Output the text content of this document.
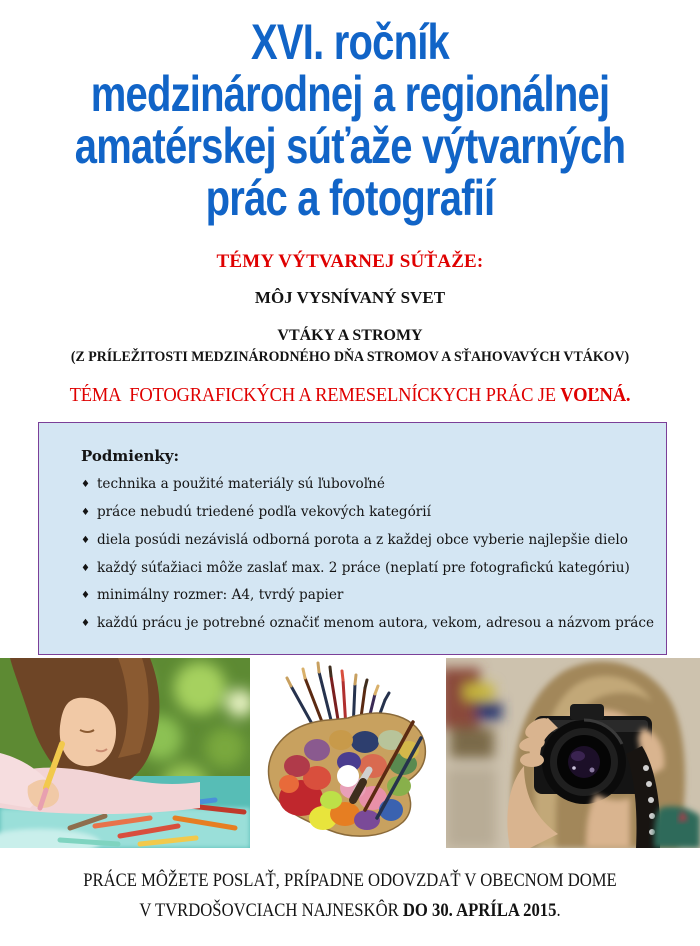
XVI. ročník
medzinárodnej a regionálnej
amatérskej súťaže výtvarných
prác a fotografií
TÉMY VÝTVARNEJ SÚŤAŽE:
MÔJ VYSNÍVANÝ SVET
VTÁKY A STROMY
(Z PRÍLEŽITOSTI MEDZINÁRODNÉHO DŇA STROMOV A SŤAHOVAVÝCH VTÁKOV)
TÉMA  FOTOGRAFICKÝCH A REMESELNÍCKYCH PRÁC JE VOĽNÁ.
Podmienky:
♦ technika a použité materiály sú ľubovoľné
♦ práce nebudú triedené podľa vekových kategórií
♦ diela posúdi nezávislá odborná porota a z každej obce vyberie najlepšie dielo
♦ každý súťažiaci môže zaslať max. 2 práce (neplatí pre fotografickú kategóriu)
♦ minimálny rozmer: A4, tvrdý papier
♦ každú prácu je potrebné označiť menom autora, vekom, adresou a názvom práce
PRÁCE MÔŽETE POSLAŤ, PRÍPADNE ODOVZDAŤ V OBECNOM DOME
V TVRDOŠOVCIACH NAJNESKÔR DO 30. APRÍLA 2015.
